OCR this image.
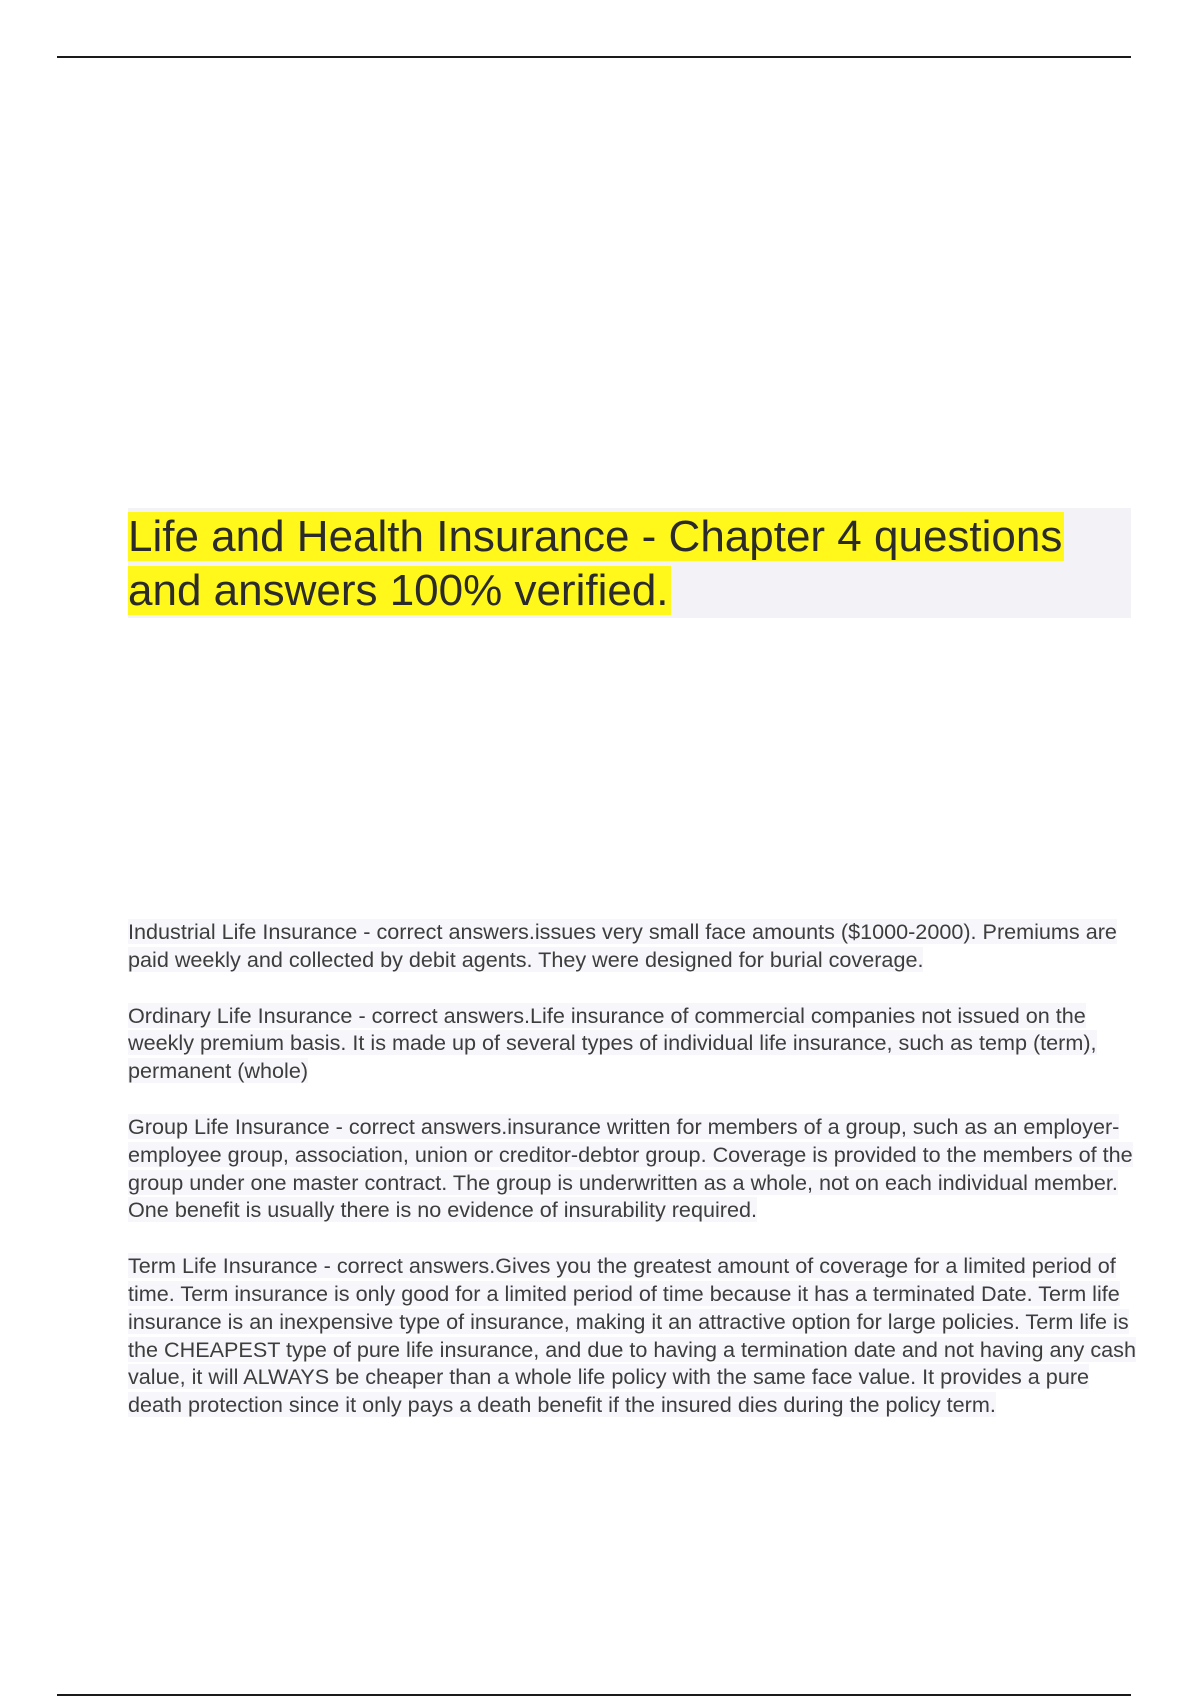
Life and Health Insurance - Chapter 4 questions and answers 100% verified.

Industrial Life Insurance - correct answers.issues very small face amounts ($1000-2000). Premiums are paid weekly and collected by debit agents. They were designed for burial coverage.

Ordinary Life Insurance - correct answers.Life insurance of commercial companies not issued on the weekly premium basis. It is made up of several types of individual life insurance, such as temp (term), permanent (whole)

Group Life Insurance - correct answers.insurance written for members of a group, such as an employer-employee group, association, union or creditor-debtor group. Coverage is provided to the members of the group under one master contract. The group is underwritten as a whole, not on each individual member. One benefit is usually there is no evidence of insurability required.

Term Life Insurance - correct answers.Gives you the greatest amount of coverage for a limited period of time. Term insurance is only good for a limited period of time because it has a terminated Date. Term life insurance is an inexpensive type of insurance, making it an attractive option for large policies. Term life is the CHEAPEST type of pure life insurance, and due to having a termination date and not having any cash value, it will ALWAYS be cheaper than a whole life policy with the same face value. It provides a pure death protection since it only pays a death benefit if the insured dies during the policy term.
